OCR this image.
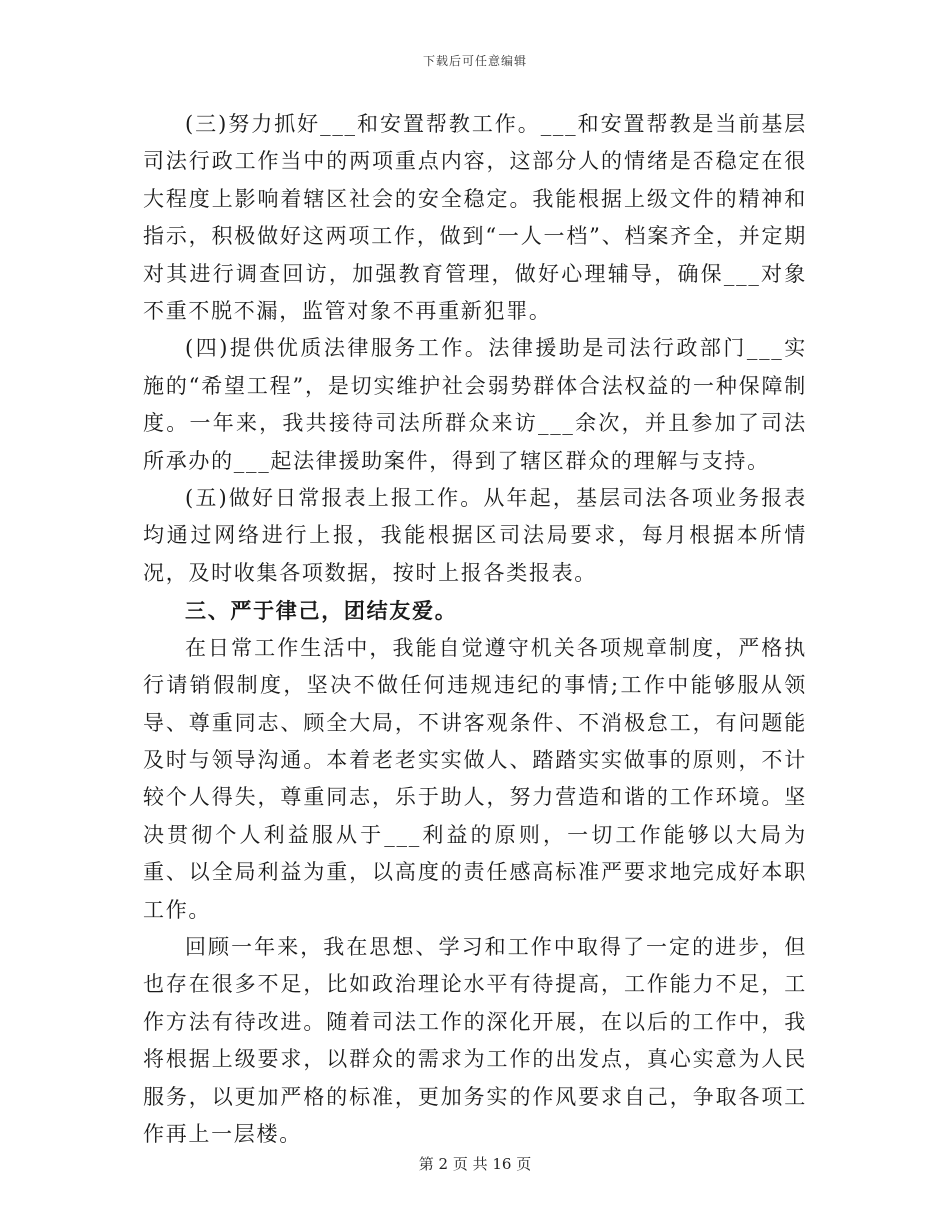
下载后可任意编辑

(三)努力抓好___和安置帮教工作。___和安置帮教是当前基层司法行政工作当中的两项重点内容，这部分人的情绪是否稳定在很大程度上影响着辖区社会的安全稳定。我能根据上级文件的精神和指示，积极做好这两项工作，做到“一人一档”、档案齐全，并定期对其进行调查回访，加强教育管理，做好心理辅导，确保___对象不重不脱不漏，监管对象不再重新犯罪。

(四)提供优质法律服务工作。法律援助是司法行政部门___实施的“希望工程”，是切实维护社会弱势群体合法权益的一种保障制度。一年来，我共接待司法所群众来访___余次，并且参加了司法所承办的___起法律援助案件，得到了辖区群众的理解与支持。

(五)做好日常报表上报工作。从年起，基层司法各项业务报表均通过网络进行上报，我能根据区司法局要求，每月根据本所情况，及时收集各项数据，按时上报各类报表。

三、严于律己，团结友爱。

在日常工作生活中，我能自觉遵守机关各项规章制度，严格执行请销假制度，坚决不做任何违规违纪的事情;工作中能够服从领导、尊重同志、顾全大局，不讲客观条件、不消极怠工，有问题能及时与领导沟通。本着老老实实做人、踏踏实实做事的原则，不计较个人得失，尊重同志，乐于助人，努力营造和谐的工作环境。坚决贯彻个人利益服从于___利益的原则，一切工作能够以大局为重、以全局利益为重，以高度的责任感高标准严要求地完成好本职工作。

回顾一年来，我在思想、学习和工作中取得了一定的进步，但也存在很多不足，比如政治理论水平有待提高，工作能力不足，工作方法有待改进。随着司法工作的深化开展，在以后的工作中，我将根据上级要求，以群众的需求为工作的出发点，真心实意为人民服务，以更加严格的标准，更加务实的作风要求自己，争取各项工作再上一层楼。

第 2 页 共 16 页
